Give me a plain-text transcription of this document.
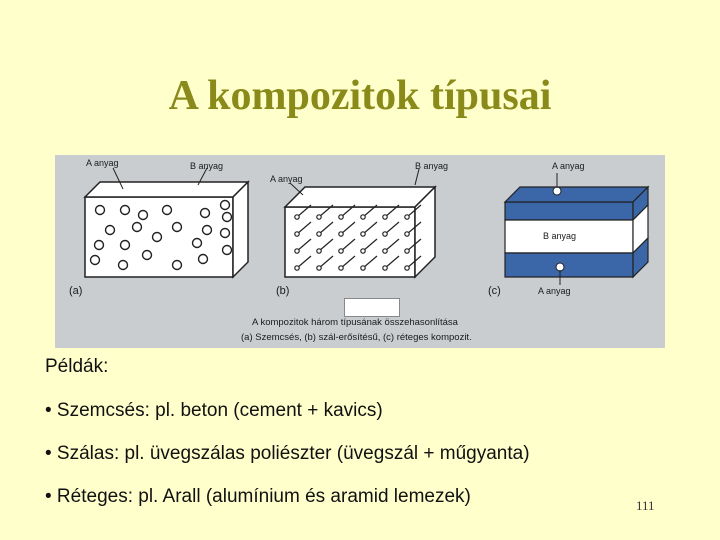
A kompozitok típusai
A anyag	B anyag
A anyag
B anyag	A anyag
B anyag
A anyag
(a)	(b)	(c)
A kompozitok három típusának összehasonlítása
(a) Szemcsés, (b) szál-erősítésű, (c) réteges kompozit.
Példák:
• Szemcsés: pl. beton (cement + kavics)
• Szálas: pl. üvegszálas poliészter (üvegszál + műgyanta)
• Réteges: pl. Arall (alumínium és aramid lemezek)	111
